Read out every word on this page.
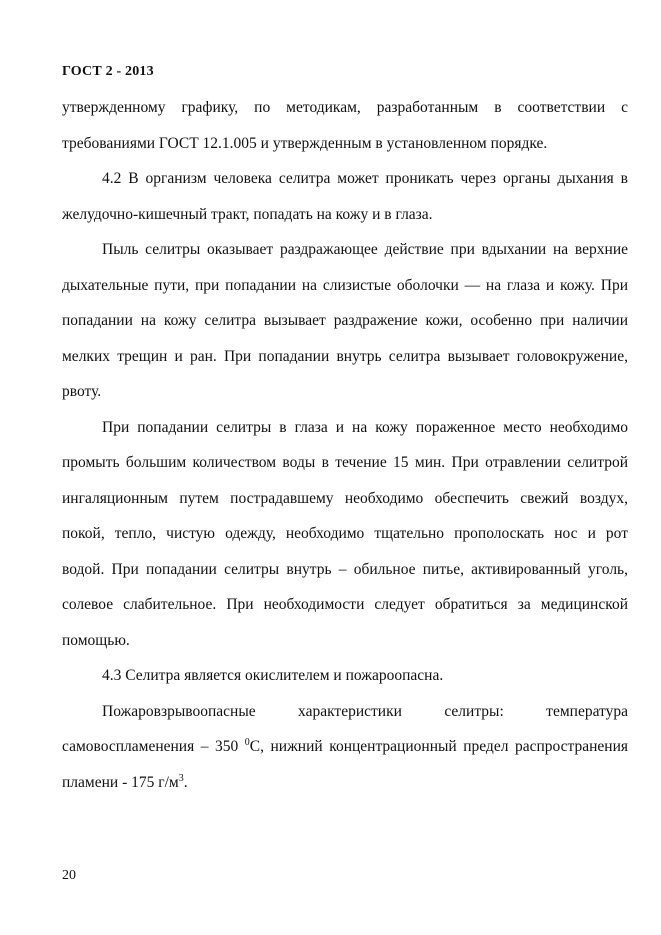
ГОСТ 2 - 2013
утвержденному графику, по методикам, разработанным в соответствии с
требованиями ГОСТ 12.1.005 и утвержденным в установленном порядке.
4.2 В организм человека селитра может проникать через органы дыхания в
желудочно-кишечный тракт, попадать на кожу и в глаза.
Пыль селитры оказывает раздражающее действие при вдыхании на верхние
дыхательные пути, при попадании на слизистые оболочки — на глаза и кожу. При
попадании на кожу селитра вызывает раздражение кожи, особенно при наличии
мелких трещин и ран. При попадании внутрь селитра вызывает головокружение,
рвоту.
При попадании селитры в глаза и на кожу пораженное место необходимо
промыть большим количеством воды в течение 15 мин. При отравлении селитрой
ингаляционным путем пострадавшему необходимо обеспечить свежий воздух,
покой, тепло, чистую одежду, необходимо тщательно прополоскать нос и рот
водой. При попадании селитры внутрь – обильное питье, активированный уголь,
солевое слабительное. При необходимости следует обратиться за медицинской
помощью.
4.3 Селитра является окислителем и пожароопасна.
Пожаровзрывоопасные характеристики селитры: температура
самовоспламенения – 350 $^0$С, нижний концентрационный предел распространения
пламени - 175 $г/м^3$.
20
